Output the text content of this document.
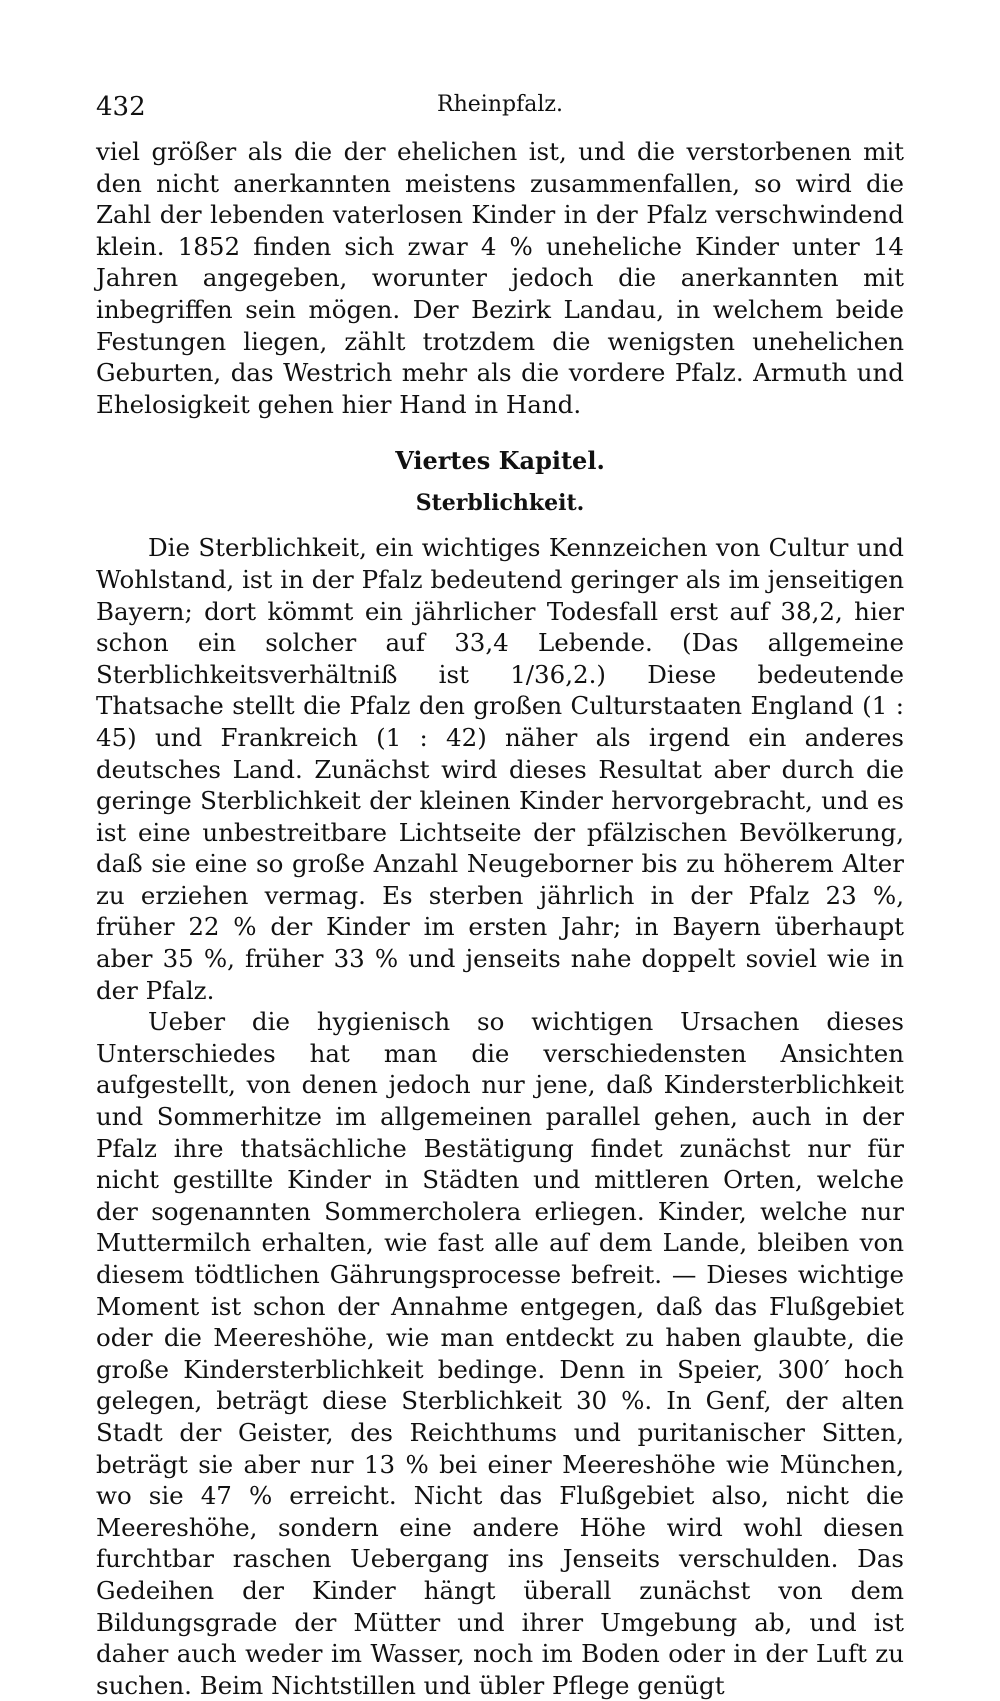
432	Rheinpfalz.

viel größer als die der ehelichen ist, und die verstorbenen mit den nicht anerkannten meistens zusammenfallen, so wird die Zahl der lebenden vaterlosen Kinder in der Pfalz verschwindend klein. 1852 finden sich zwar 4 % uneheliche Kinder unter 14 Jahren angegeben, worunter jedoch die anerkannten mit inbegriffen sein mögen. Der Bezirk Landau, in welchem beide Festungen liegen, zählt trotzdem die wenigsten unehelichen Geburten, das Westrich mehr als die vordere Pfalz. Armuth und Ehelosigkeit gehen hier Hand in Hand.

Viertes Kapitel.
Sterblichkeit.

Die Sterblichkeit, ein wichtiges Kennzeichen von Cultur und Wohlstand, ist in der Pfalz bedeutend geringer als im jenseitigen Bayern; dort kömmt ein jährlicher Todesfall erst auf 38,2, hier schon ein solcher auf 33,4 Lebende. (Das allgemeine Sterblichkeitsverhältniß ist 1/36,2.) Diese bedeutende Thatsache stellt die Pfalz den großen Culturstaaten England (1 : 45) und Frankreich (1 : 42) näher als irgend ein anderes deutsches Land. Zunächst wird dieses Resultat aber durch die geringe Sterblichkeit der kleinen Kinder hervorgebracht, und es ist eine unbestreitbare Lichtseite der pfälzischen Bevölkerung, daß sie eine so große Anzahl Neugeborner bis zu höherem Alter zu erziehen vermag. Es sterben jährlich in der Pfalz 23 %, früher 22 % der Kinder im ersten Jahr; in Bayern überhaupt aber 35 %, früher 33 % und jenseits nahe doppelt soviel wie in der Pfalz.

Ueber die hygienisch so wichtigen Ursachen dieses Unterschiedes hat man die verschiedensten Ansichten aufgestellt, von denen jedoch nur jene, daß Kindersterblichkeit und Sommerhitze im allgemeinen parallel gehen, auch in der Pfalz ihre thatsächliche Bestätigung findet zunächst nur für nicht gestillte Kinder in Städten und mittleren Orten, welche der sogenannten Sommercholera erliegen. Kinder, welche nur Muttermilch erhalten, wie fast alle auf dem Lande, bleiben von diesem tödtlichen Gährungsprocesse befreit. — Dieses wichtige Moment ist schon der Annahme entgegen, daß das Flußgebiet oder die Meereshöhe, wie man entdeckt zu haben glaubte, die große Kindersterblichkeit bedinge. Denn in Speier, 300′ hoch gelegen, beträgt diese Sterblichkeit 30 %. In Genf, der alten Stadt der Geister, des Reichthums und puritanischer Sitten, beträgt sie aber nur 13 % bei einer Meereshöhe wie München, wo sie 47 % erreicht. Nicht das Flußgebiet also, nicht die Meereshöhe, sondern eine andere Höhe wird wohl diesen furchtbar raschen Uebergang ins Jenseits verschulden. Das Gedeihen der Kinder hängt überall zunächst von dem Bildungsgrade der Mütter und ihrer Umgebung ab, und ist daher auch weder im Wasser, noch im Boden oder in der Luft zu suchen. Beim Nichtstillen und übler Pflege genügt
